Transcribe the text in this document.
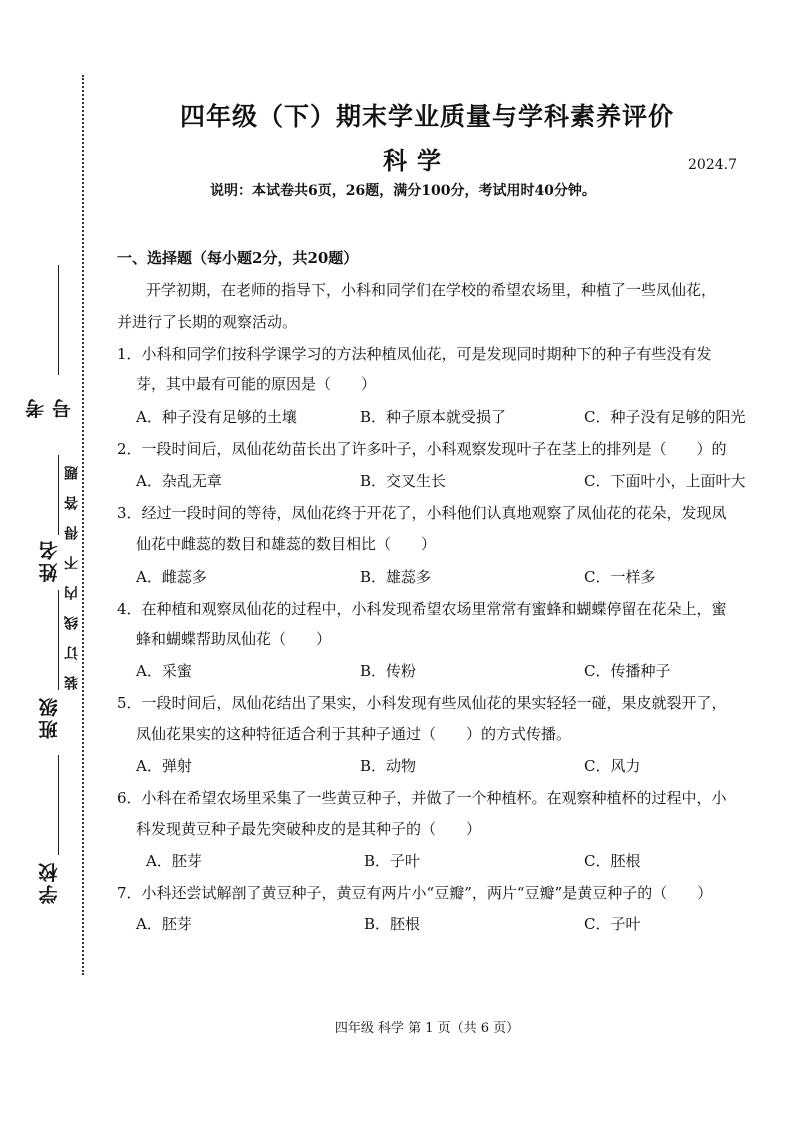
考号
姓名
班级
学校
装订线内不得答题
四年级（下）期末学业质量与学科素养评价
科学	2024.7
说明：本试卷共6页，26题，满分100分，考试用时40分钟。
一、选择题（每小题2分，共20题）
开学初期，在老师的指导下，小科和同学们在学校的希望农场里，种植了一些凤仙花，
并进行了长期的观察活动。
1．小科和同学们按科学课学习的方法种植凤仙花，可是发现同时期种下的种子有些没有发
芽，其中最有可能的原因是（　　）
A．种子没有足够的土壤	B．种子原本就受损了	C．种子没有足够的阳光
2．一段时间后，凤仙花幼苗长出了许多叶子，小科观察发现叶子在茎上的排列是（　　）的
A．杂乱无章	B．交叉生长	C．下面叶小，上面叶大
3．经过一段时间的等待，凤仙花终于开花了，小科他们认真地观察了凤仙花的花朵，发现凤
仙花中雌蕊的数目和雄蕊的数目相比（　　）
A．雌蕊多	B．雄蕊多	C．一样多
4．在种植和观察凤仙花的过程中，小科发现希望农场里常常有蜜蜂和蝴蝶停留在花朵上，蜜
蜂和蝴蝶帮助凤仙花（　　）
A．采蜜	B．传粉	C．传播种子
5．一段时间后，凤仙花结出了果实，小科发现有些凤仙花的果实轻轻一碰，果皮就裂开了，
凤仙花果实的这种特征适合利于其种子通过（　　）的方式传播。
A．弹射	B．动物	C．风力
6．小科在希望农场里采集了一些黄豆种子，并做了一个种植杯。在观察种植杯的过程中，小
科发现黄豆种子最先突破种皮的是其种子的（　　）
A．胚芽	B．子叶	C．胚根
7．小科还尝试解剖了黄豆种子，黄豆有两片小“豆瓣”，两片“豆瓣”是黄豆种子的（　　）
A．胚芽	B．胚根	C．子叶
四年级 科学 第 1 页（共 6 页）
